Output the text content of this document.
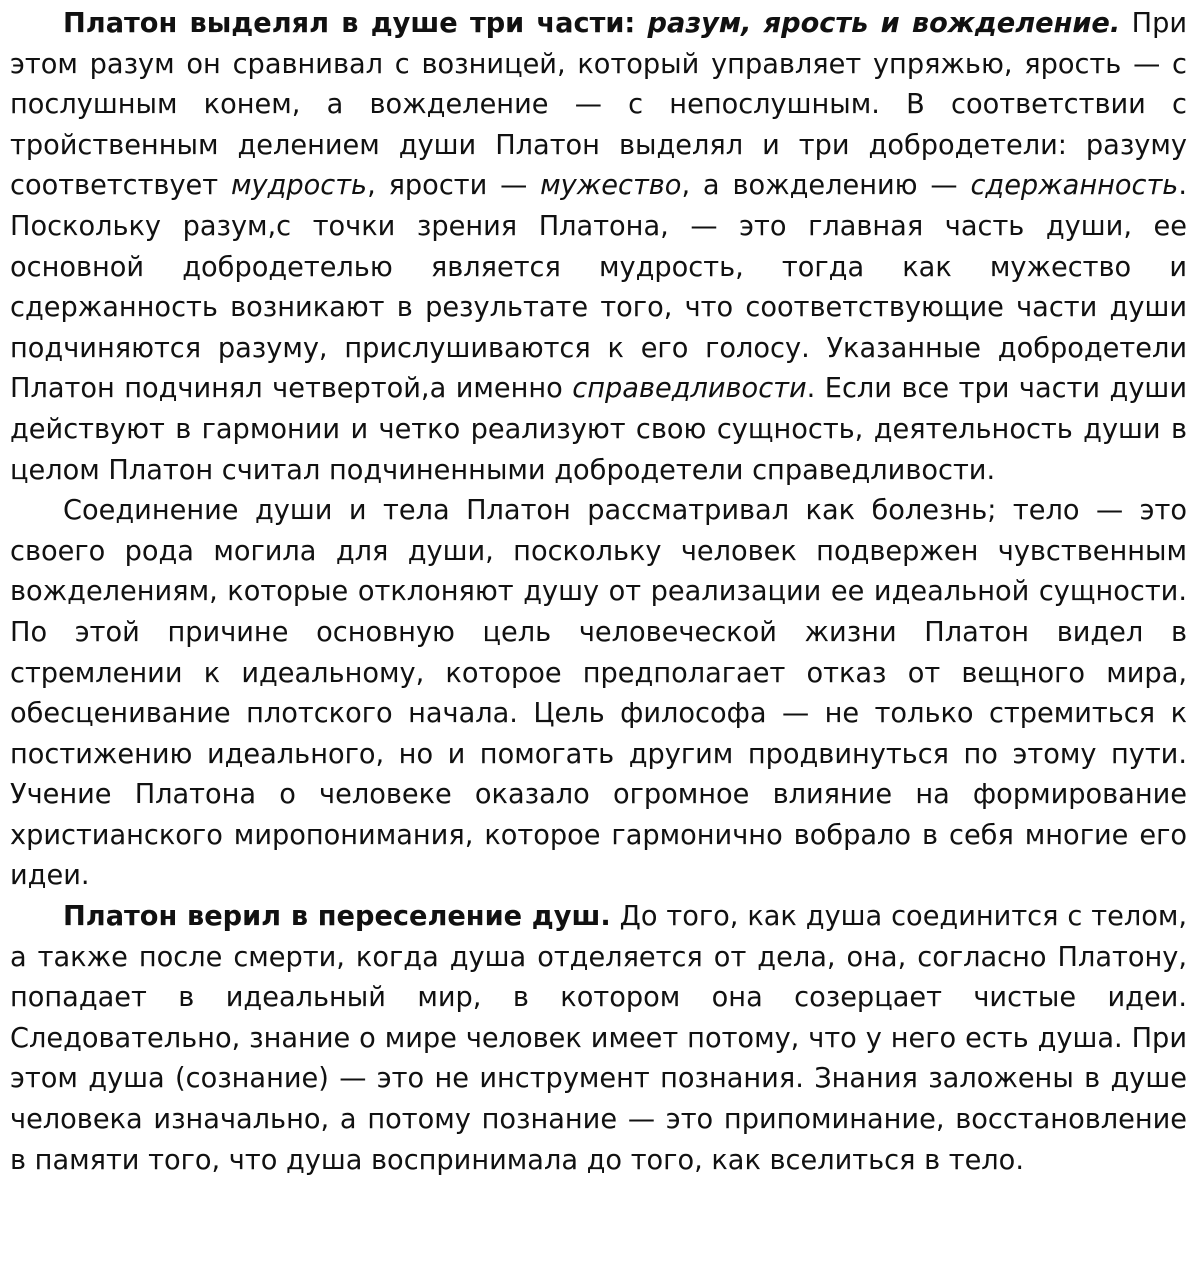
Платон выделял в душе три части: разум, ярость и вожделение. При этом разум он сравнивал с возницей, который управляет упряжью, ярость — с послушным конем, а вожделение — с непослушным. В соответствии с тройственным делением души Платон выделял и три добродетели: разуму соответствует мудрость, ярости — мужество, а вожделению — сдержанность. Поскольку разум,с точки зрения Платона, — это главная часть души, ее основной добродетелью является мудрость, тогда как мужество и сдержанность возникают в результате того, что соответствующие части души подчиняются разуму, прислушиваются к его голосу. Указанные добродетели Платон подчинял четвертой,а именно справедливости. Если все три части души действуют в гармонии и четко реализуют свою сущность, деятельность души в целом Платон считал подчиненными добродетели справедливости.

Соединение души и тела Платон рассматривал как болезнь; тело — это своего рода могила для души, поскольку человек подвержен чувственным вожделениям, которые отклоняют душу от реализации ее идеальной сущности. По этой причине основную цель человеческой жизни Платон видел в стремлении к идеальному, которое предполагает отказ от вещного мира, обесценивание плотского начала. Цель философа — не только стремиться к постижению идеального, но и помогать другим продвинуться по этому пути. Учение Платона о человеке оказало огромное влияние на формирование христианского миропонимания, которое гармонично вобрало в себя многие его идеи.

Платон верил в переселение душ. До того, как душа соединится с телом, а также после смерти, когда душа отделяется от дела, она, согласно Платону, попадает в идеальный мир, в котором она созерцает чистые идеи. Следовательно, знание о мире человек имеет потому, что у него есть душа. При этом душа (сознание) — это не инструмент познания. Знания заложены в душе человека изначально, а потому познание — это припоминание, восстановление в памяти того, что душа воспринимала до того, как вселиться в тело.
